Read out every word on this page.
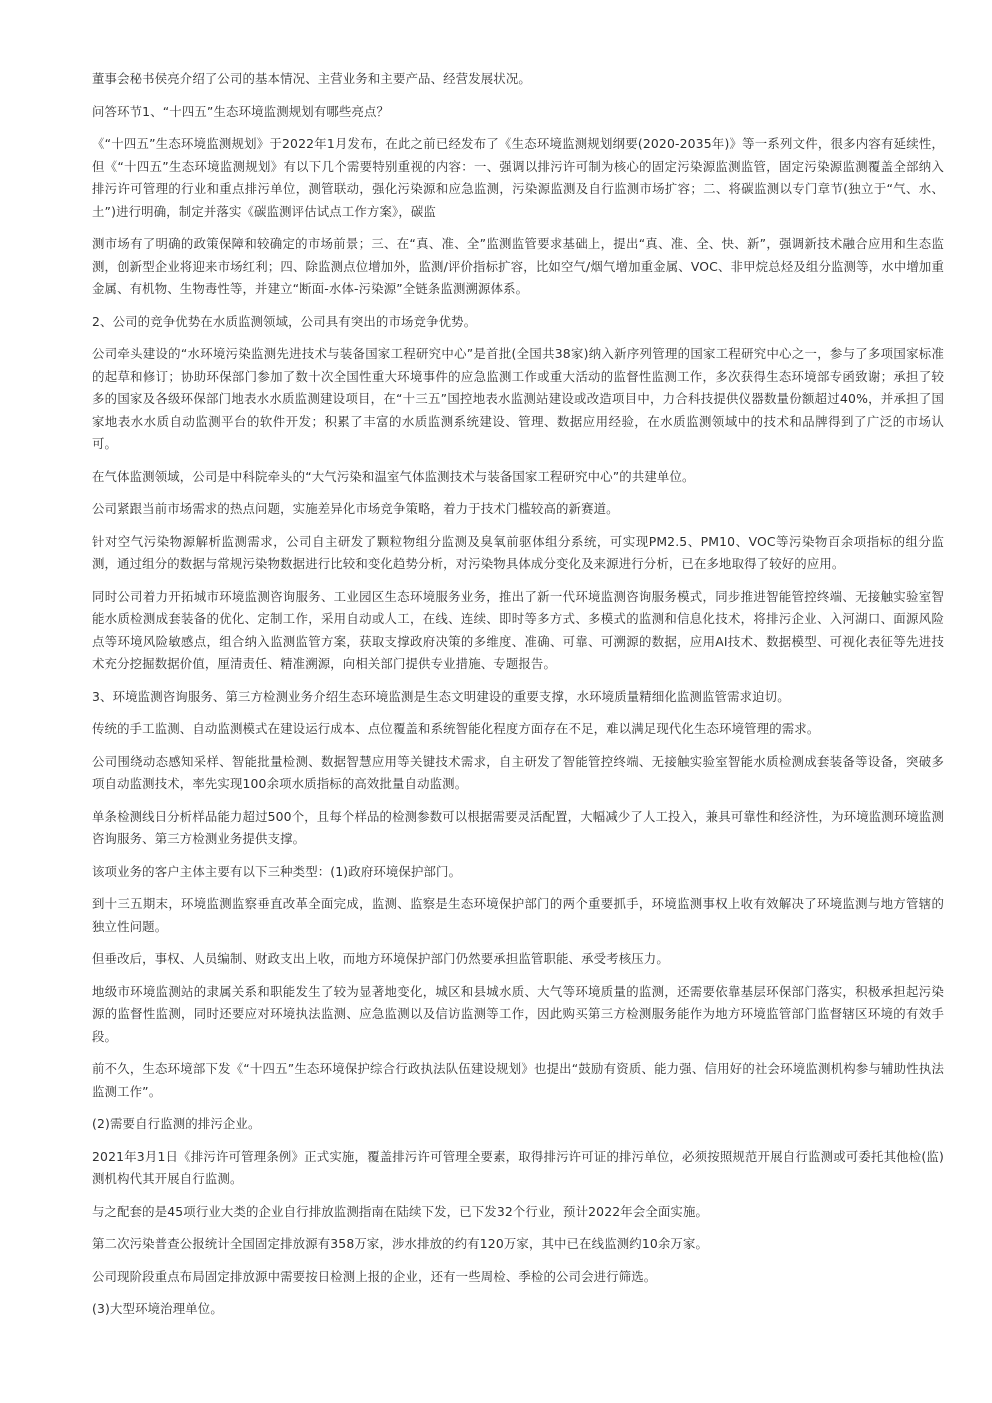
董事会秘书侯亮介绍了公司的基本情况、主营业务和主要产品、经营发展状况。

问答环节1、“十四五”生态环境监测规划有哪些亮点？

《“十四五”生态环境监测规划》于2022年1月发布，在此之前已经发布了《生态环境监测规划纲要(2020-2035年)》等一系列文件，很多内容有延续性，但《“十四五”生态环境监测规划》有以下几个需要特别重视的内容：一、强调以排污许可制为核心的固定污染源监测监管，固定污染源监测覆盖全部纳入排污许可管理的行业和重点排污单位，测管联动，强化污染源和应急监测，污染源监测及自行监测市场扩容；二、将碳监测以专门章节(独立于“气、水、土”)进行明确，制定并落实《碳监测评估试点工作方案》，碳监

测市场有了明确的政策保障和较确定的市场前景；三、在“真、准、全”监测监管要求基础上，提出“真、准、全、快、新”，强调新技术融合应用和生态监测，创新型企业将迎来市场红利；四、除监测点位增加外，监测/评价指标扩容，比如空气/烟气增加重金属、VOC、非甲烷总烃及组分监测等，水中增加重金属、有机物、生物毒性等，并建立“断面-水体-污染源”全链条监测溯源体系。

2、公司的竞争优势在水质监测领域，公司具有突出的市场竞争优势。

公司牵头建设的“水环境污染监测先进技术与装备国家工程研究中心”是首批(全国共38家)纳入新序列管理的国家工程研究中心之一，参与了多项国家标准的起草和修订；协助环保部门参加了数十次全国性重大环境事件的应急监测工作或重大活动的监督性监测工作，多次获得生态环境部专函致谢；承担了较多的国家及各级环保部门地表水水质监测建设项目，在“十三五”国控地表水监测站建设或改造项目中，力合科技提供仪器数量份额超过40%，并承担了国家地表水水质自动监测平台的软件开发；积累了丰富的水质监测系统建设、管理、数据应用经验，在水质监测领域中的技术和品牌得到了广泛的市场认可。

在气体监测领域，公司是中科院牵头的“大气污染和温室气体监测技术与装备国家工程研究中心”的共建单位。

公司紧跟当前市场需求的热点问题，实施差异化市场竞争策略，着力于技术门槛较高的新赛道。

针对空气污染物源解析监测需求，公司自主研发了颗粒物组分监测及臭氧前驱体组分系统，可实现PM2.5、PM10、VOC等污染物百余项指标的组分监测，通过组分的数据与常规污染物数据进行比较和变化趋势分析，对污染物具体成分变化及来源进行分析，已在多地取得了较好的应用。

同时公司着力开拓城市环境监测咨询服务、工业园区生态环境服务业务，推出了新一代环境监测咨询服务模式，同步推进智能管控终端、无接触实验室智能水质检测成套装备的优化、定制工作，采用自动或人工，在线、连续、即时等多方式、多模式的监测和信息化技术，将排污企业、入河湖口、面源风险点等环境风险敏感点，组合纳入监测监管方案，获取支撑政府决策的多维度、准确、可靠、可溯源的数据，应用AI技术、数据模型、可视化表征等先进技术充分挖掘数据价值，厘清责任、精准溯源，向相关部门提供专业措施、专题报告。

3、环境监测咨询服务、第三方检测业务介绍生态环境监测是生态文明建设的重要支撑，水环境质量精细化监测监管需求迫切。

传统的手工监测、自动监测模式在建设运行成本、点位覆盖和系统智能化程度方面存在不足，难以满足现代化生态环境管理的需求。

公司围绕动态感知采样、智能批量检测、数据智慧应用等关键技术需求，自主研发了智能管控终端、无接触实验室智能水质检测成套装备等设备，突破多项自动监测技术，率先实现100余项水质指标的高效批量自动监测。

单条检测线日分析样品能力超过500个，且每个样品的检测参数可以根据需要灵活配置，大幅减少了人工投入，兼具可靠性和经济性，为环境监测环境监测咨询服务、第三方检测业务提供支撑。

该项业务的客户主体主要有以下三种类型：(1)政府环境保护部门。

到十三五期末，环境监测监察垂直改革全面完成，监测、监察是生态环境保护部门的两个重要抓手，环境监测事权上收有效解决了环境监测与地方管辖的独立性问题。

但垂改后，事权、人员编制、财政支出上收，而地方环境保护部门仍然要承担监管职能、承受考核压力。

地级市环境监测站的隶属关系和职能发生了较为显著地变化，城区和县城水质、大气等环境质量的监测，还需要依靠基层环保部门落实，积极承担起污染源的监督性监测，同时还要应对环境执法监测、应急监测以及信访监测等工作，因此购买第三方检测服务能作为地方环境监管部门监督辖区环境的有效手段。

前不久，生态环境部下发《“十四五”生态环境保护综合行政执法队伍建设规划》也提出“鼓励有资质、能力强、信用好的社会环境监测机构参与辅助性执法监测工作”。

(2)需要自行监测的排污企业。

2021年3月1日《排污许可管理条例》正式实施，覆盖排污许可管理全要素，取得排污许可证的排污单位，必须按照规范开展自行监测或可委托其他检(监)测机构代其开展自行监测。

与之配套的是45项行业大类的企业自行排放监测指南在陆续下发，已下发32个行业，预计2022年会全面实施。

第二次污染普查公报统计全国固定排放源有358万家，涉水排放的约有120万家，其中已在线监测约10余万家。

公司现阶段重点布局固定排放源中需要按日检测上报的企业，还有一些周检、季检的公司会进行筛选。

(3)大型环境治理单位。
